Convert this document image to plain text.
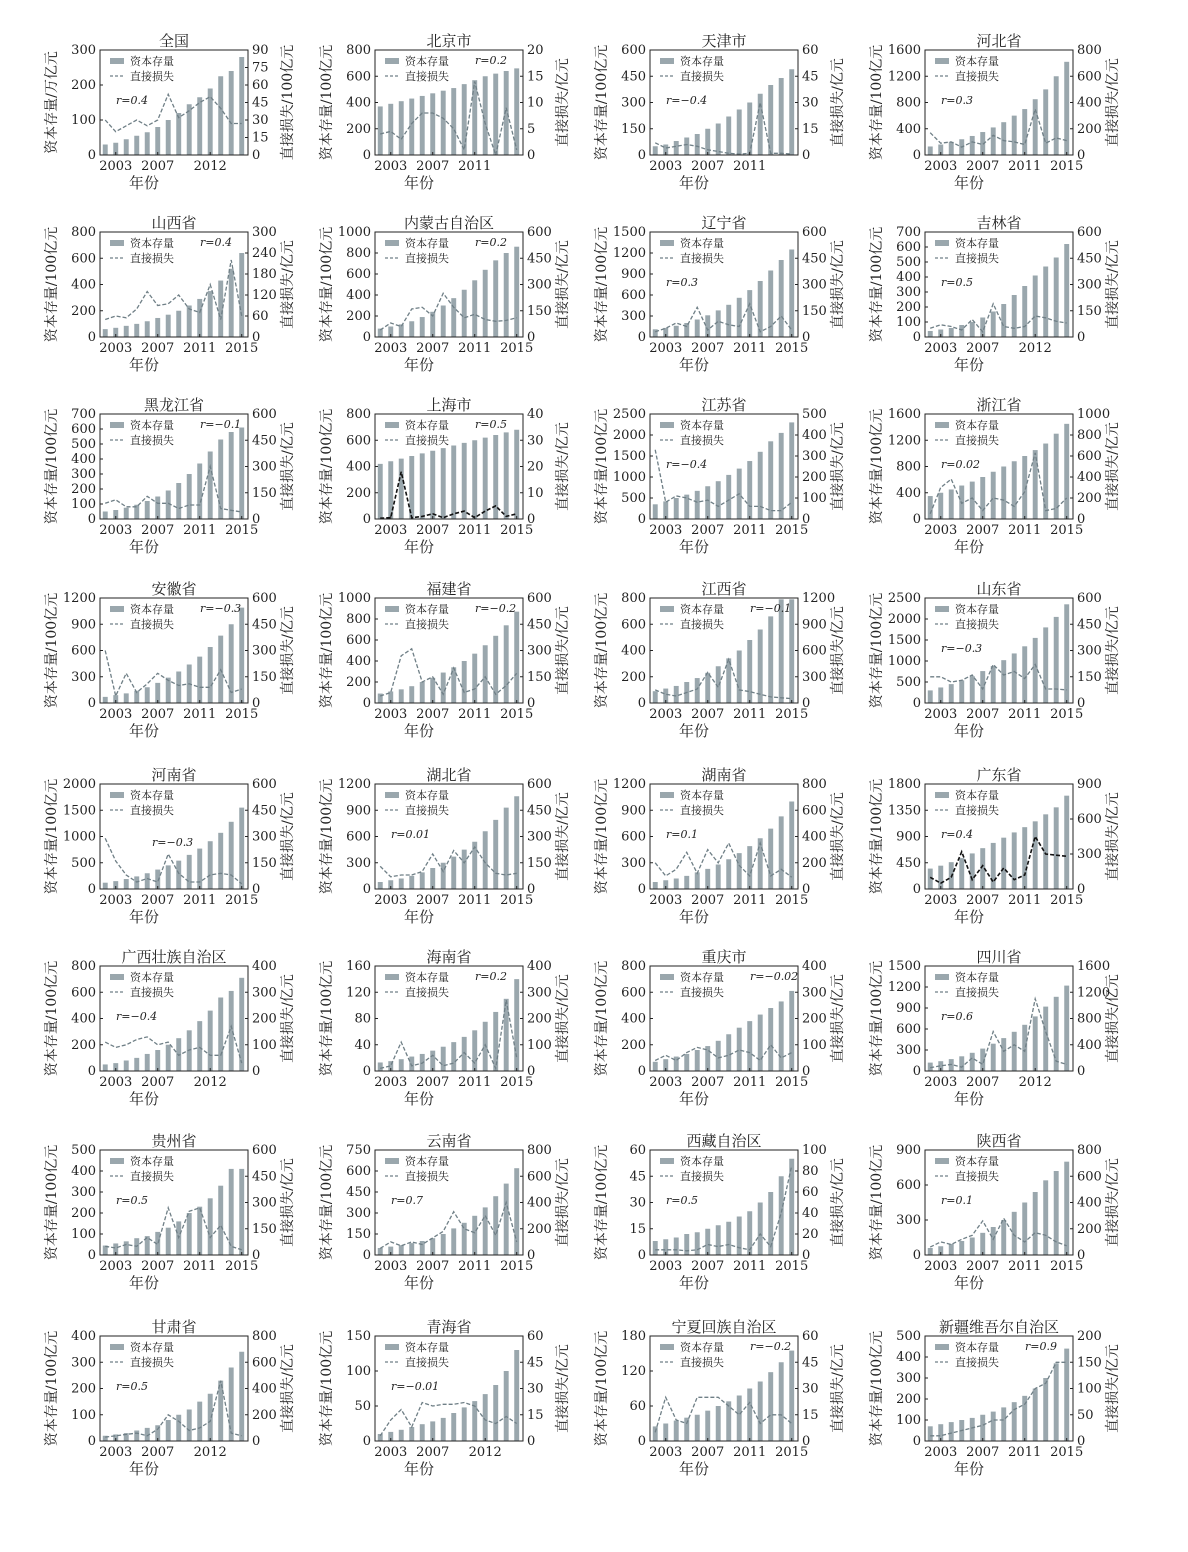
全国
0
100
200
300
0
15
30
45
60
75
90
2003 2007 2012
资本存量/万亿元	直接损失/100亿元
年份
资本存量
直接损失
r=0.4
北京市
0
200
400
600
800
0
5
10
15
20
2003 2007 2011
资本存量/100亿元	直接损失/亿元
年份
资本存量
直接损失
r=0.2
天津市
0
150
300
450
600
0
15
30
45
60
2003 2007 2011
资本存量/100亿元	直接损失/亿元
年份
资本存量
直接损失
r=−0.4
河北省
0
400
800
1200
1600
0
200
400
600
800
2003 2007 2011 2015
资本存量/100亿元	直接损失/亿元
年份
资本存量
直接损失
r=0.3
山西省
0
200
400
600
800
0
60
120
180
240
300
2003 2007 2011 2015
资本存量/100亿元	直接损失/亿元
年份
资本存量
直接损失
r=0.4
内蒙古自治区
0
200
400
600
800
1000
0
150
300
450
600
2003 2007 2011 2015
资本存量/100亿元	直接损失/亿元
年份
资本存量
直接损失
r=0.2
辽宁省
0
300
600
900
1200
1500
0
150
300
450
600
2003 2007 2011 2015
资本存量/100亿元	直接损失/亿元
年份
资本存量
直接损失
r=0.3
吉林省
0
100
200
300
400
500
600
700
0
150
300
450
600
2003 2007 2012
资本存量/100亿元	直接损失/亿元
年份
资本存量
直接损失
r=0.5
黑龙江省
0
100
200
300
400
500
600
700
0
150
300
450
600
2003 2007 2011 2015
资本存量/100亿元	直接损失/亿元
年份
资本存量
直接损失
r=−0.1
上海市
0
200
400
600
800
0
10
20
30
40
2003 2007 2011 2015
资本存量/100亿元	直接损失/亿元
年份
资本存量
直接损失
r=0.5
江苏省
0
500
1000
1500
2000
2500
0
100
200
300
400
500
2003 2007 2011 2015
资本存量/100亿元	直接损失/亿元
年份
资本存量
直接损失
r=−0.4
浙江省
0
400
800
1200
1600
0
200
400
600
800
1000
2003 2007 2011 2015
资本存量/100亿元	直接损失/亿元
年份
资本存量
直接损失
r=0.02
安徽省
0
300
600
900
1200
0
150
300
450
600
2003 2007 2011 2015
资本存量/100亿元	直接损失/亿元
年份
资本存量
直接损失
r=−0.3
福建省
0
200
400
600
800
1000
0
150
300
450
600
2003 2007 2011 2015
资本存量/100亿元	直接损失/亿元
年份
资本存量
直接损失
r=−0.2
江西省
0
200
400
600
800
0
300
600
900
1200
2003 2007 2011 2015
资本存量/100亿元	直接损失/亿元
年份
资本存量
直接损失
r=−0.1
山东省
0
500
1000
1500
2000
2500
0
150
300
450
600
2003 2007 2011 2015
资本存量/100亿元	直接损失/亿元
年份
资本存量
直接损失
r=−0.3
河南省
0
500
1000
1500
2000
0
150
300
450
600
2003 2007 2011 2015
资本存量/100亿元	直接损失/亿元
年份
资本存量
直接损失
r=−0.3
湖北省
0
300
600
900
1200
0
150
300
450
600
2003 2007 2011 2015
资本存量/100亿元	直接损失/亿元
年份
资本存量
直接损失
r=0.01
湖南省
0
300
600
900
1200
0
200
400
600
800
2003 2007 2011 2015
资本存量/100亿元	直接损失/亿元
年份
资本存量
直接损失
r=0.1
广东省
0
450
900
1350
1800
0
300
600
900
2003 2007 2011 2015
资本存量/100亿元	直接损失/亿元
年份
资本存量
直接损失
r=0.4
广西壮族自治区
0
200
400
600
800
0
100
200
300
400
2003 2007 2012
资本存量/100亿元	直接损失/亿元
年份
资本存量
直接损失
r=−0.4
海南省
0
40
80
120
160
0
100
200
300
400
2003 2007 2011 2015
资本存量/100亿元	直接损失/亿元
年份
资本存量
直接损失
r=0.2
重庆市
0
200
400
600
800
0
100
200
300
400
2003 2007 2011 2015
资本存量/100亿元	直接损失/亿元
年份
资本存量
直接损失
r=−0.02
四川省
0
300
600
900
1200
1500
0
400
800
1200
1600
2003 2007 2012
资本存量/100亿元	直接损失/亿元
年份
资本存量
直接损失
r=0.6
贵州省
0
100
200
300
400
500
0
150
300
450
600
2003 2007 2011 2015
资本存量/100亿元	直接损失/亿元
年份
资本存量
直接损失
r=0.5
云南省
0
150
300
450
600
750
0
200
400
600
800
2003 2007 2011 2015
资本存量/100亿元	直接损失/亿元
年份
资本存量
直接损失
r=0.7
西藏自治区
0
15
30
45
60
0
20
40
60
80
100
2003 2007 2011 2015
资本存量/100亿元	直接损失/亿元
年份
资本存量
直接损失
r=0.5
陕西省
0
300
600
900
0
200
400
600
800
2003 2007 2011 2015
资本存量/100亿元	直接损失/亿元
年份
资本存量
直接损失
r=0.1
甘肃省
0
100
200
300
400
0
200
400
600
800
2003 2007 2012
资本存量/100亿元	直接损失/亿元
年份
资本存量
直接损失
r=0.5
青海省
0
50
100
150
0
15
30
45
60
2003 2007 2012
资本存量/100亿元	直接损失/亿元
年份
资本存量
直接损失
r=−0.01
宁夏回族自治区
0
60
120
180
0
15
30
45
60
2003 2007 2011 2015
资本存量/100亿元	直接损失/亿元
年份
资本存量
直接损失
r=−0.2
新疆维吾尔自治区
0
100
200
300
400
500
0
50
100
150
200
2003 2007 2011 2015
资本存量/100亿元	直接损失/亿元
年份
资本存量
直接损失
r=0.9
